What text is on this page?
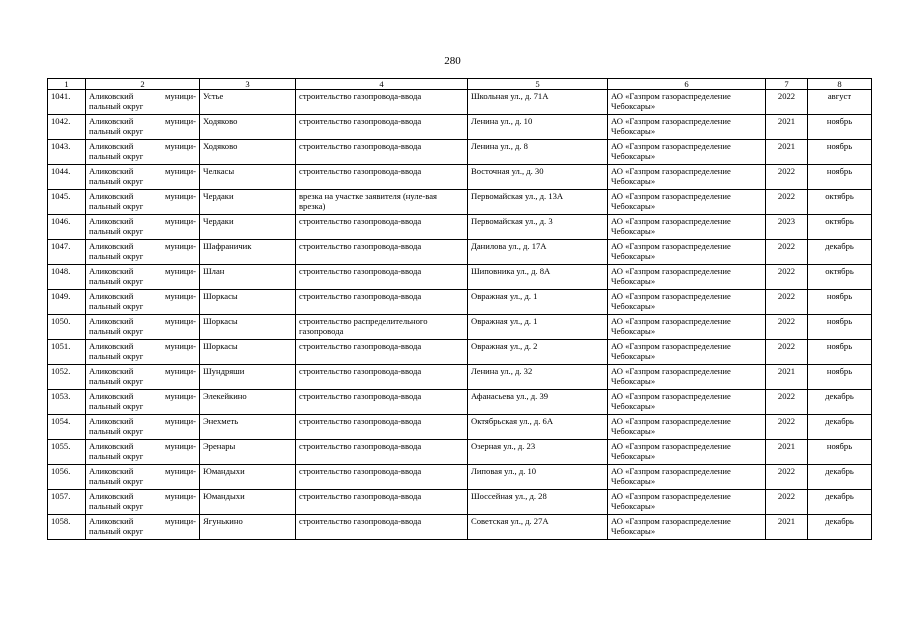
280
1	2	3	4	5	6	7	8
1041.	Аликовский муници-пальный округ	Устье	строительство газопровода-ввода	Школьная ул., д. 71А	АО «Газпром газораспределение Чебоксары»	2022	август
1042.	Аликовский муници-пальный округ	Ходяково	строительство газопровода-ввода	Ленина ул., д. 10	АО «Газпром газораспределение Чебоксары»	2021	ноябрь
1043.	Аликовский муници-пальный округ	Ходяково	строительство газопровода-ввода	Ленина ул., д. 8	АО «Газпром газораспределение Чебоксары»	2021	ноябрь
1044.	Аликовский муници-пальный округ	Челкасы	строительство газопровода-ввода	Восточная ул., д. 30	АО «Газпром газораспределение Чебоксары»	2022	ноябрь
1045.	Аликовский муници-пальный округ	Чердаки	врезка на участке заявителя (нуле-вая врезка)	Первомайская ул., д. 13А	АО «Газпром газораспределение Чебоксары»	2022	октябрь
1046.	Аликовский муници-пальный округ	Чердаки	строительство газопровода-ввода	Первомайская ул., д. 3	АО «Газпром газораспределение Чебоксары»	2023	октябрь
1047.	Аликовский муници-пальный округ	Шафраничик	строительство газопровода-ввода	Данилова ул., д. 17А	АО «Газпром газораспределение Чебоксары»	2022	декабрь
1048.	Аликовский муници-пальный округ	Шлан	строительство газопровода-ввода	Шиповника ул., д. 8А	АО «Газпром газораспределение Чебоксары»	2022	октябрь
1049.	Аликовский муници-пальный округ	Шоркасы	строительство газопровода-ввода	Овражная ул., д. 1	АО «Газпром газораспределение Чебоксары»	2022	ноябрь
1050.	Аликовский муници-пальный округ	Шоркасы	строительство распределительного газопровода	Овражная ул., д. 1	АО «Газпром газораспределение Чебоксары»	2022	ноябрь
1051.	Аликовский муници-пальный округ	Шоркасы	строительство газопровода-ввода	Овражная ул., д. 2	АО «Газпром газораспределение Чебоксары»	2022	ноябрь
1052.	Аликовский муници-пальный округ	Шундряши	строительство газопровода-ввода	Ленина ул., д. 32	АО «Газпром газораспределение Чебоксары»	2021	ноябрь
1053.	Аликовский муници-пальный округ	Элекейкино	строительство газопровода-ввода	Афанасьева ул., д. 39	АО «Газпром газораспределение Чебоксары»	2022	декабрь
1054.	Аликовский муници-пальный округ	Энехметь	строительство газопровода-ввода	Октябрьская ул., д. 6А	АО «Газпром газораспределение Чебоксары»	2022	декабрь
1055.	Аликовский муници-пальный округ	Эренары	строительство газопровода-ввода	Озерная ул., д. 23	АО «Газпром газораспределение Чебоксары»	2021	ноябрь
1056.	Аликовский муници-пальный округ	Юмандыхи	строительство газопровода-ввода	Липовая ул., д. 10	АО «Газпром газораспределение Чебоксары»	2022	декабрь
1057.	Аликовский муници-пальный округ	Юмандыхи	строительство газопровода-ввода	Шоссейная ул., д. 28	АО «Газпром газораспределение Чебоксары»	2022	декабрь
1058.	Аликовский муници-пальный округ	Ягунькино	строительство газопровода-ввода	Советская ул., д. 27А	АО «Газпром газораспределение Чебоксары»	2021	декабрь
